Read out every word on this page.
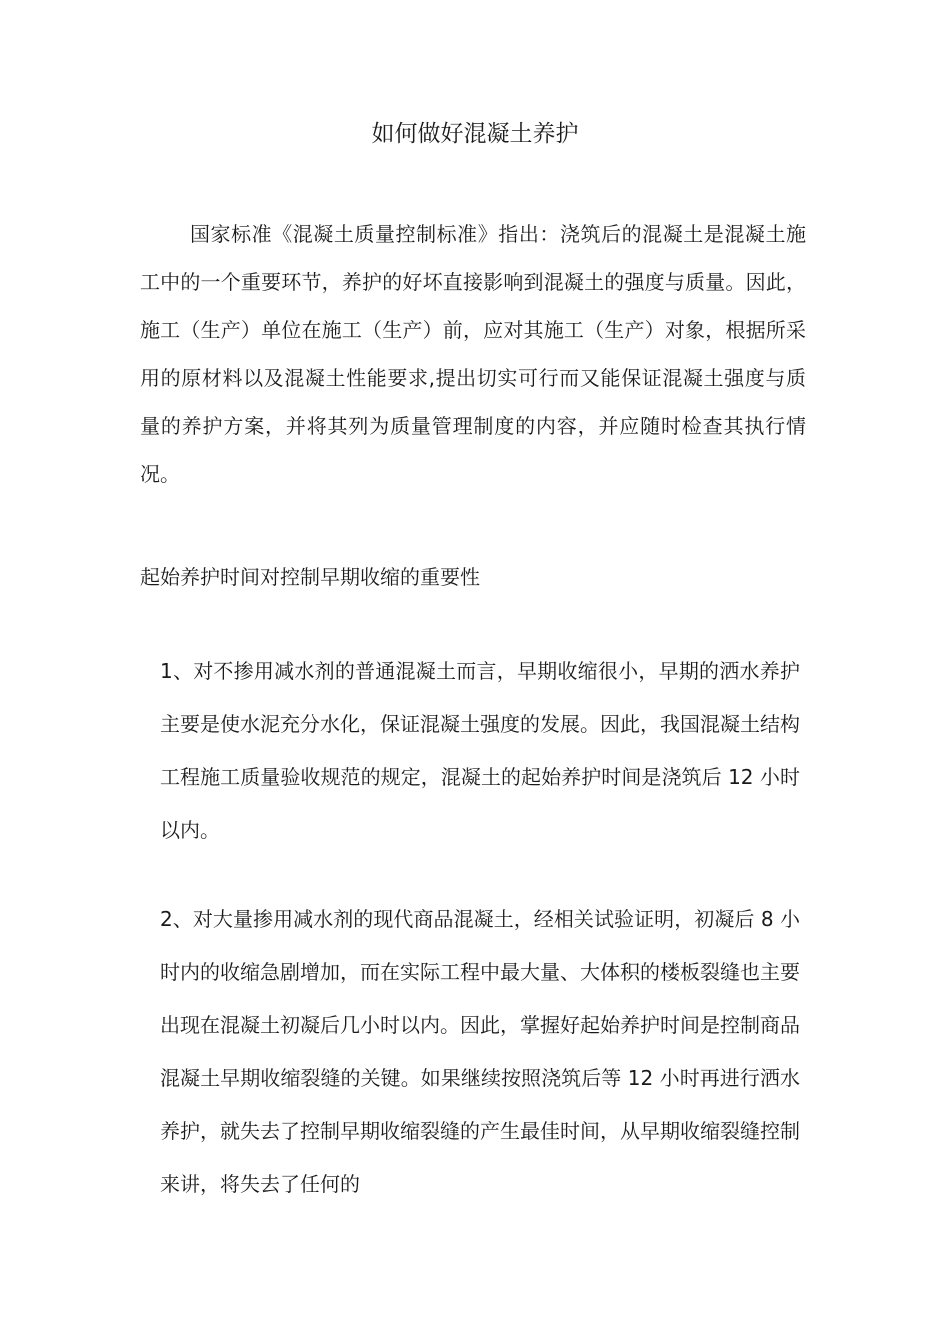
如何做好混凝土养护

国家标准《混凝土质量控制标准》指出：浇筑后的混凝土是混凝土施工中的一个重要环节，养护的好坏直接影响到混凝土的强度与质量。因此，施工（生产）单位在施工（生产）前，应对其施工（生产）对象，根据所采用的原材料以及混凝土性能要求,提出切实可行而又能保证混凝土强度与质量的养护方案，并将其列为质量管理制度的内容，并应随时检查其执行情况。

起始养护时间对控制早期收缩的重要性

1、对不掺用减水剂的普通混凝土而言，早期收缩很小，早期的洒水养护主要是使水泥充分水化，保证混凝土强度的发展。因此，我国混凝土结构工程施工质量验收规范的规定，混凝土的起始养护时间是浇筑后 12 小时以内。

2、对大量掺用减水剂的现代商品混凝土，经相关试验证明，初凝后 8 小时内的收缩急剧增加，而在实际工程中最大量、大体积的楼板裂缝也主要出现在混凝土初凝后几小时以内。因此，掌握好起始养护时间是控制商品混凝土早期收缩裂缝的关键。如果继续按照浇筑后等 12 小时再进行洒水养护，就失去了控制早期收缩裂缝的产生最佳时间，从早期收缩裂缝控制来讲，将失去了任何的
